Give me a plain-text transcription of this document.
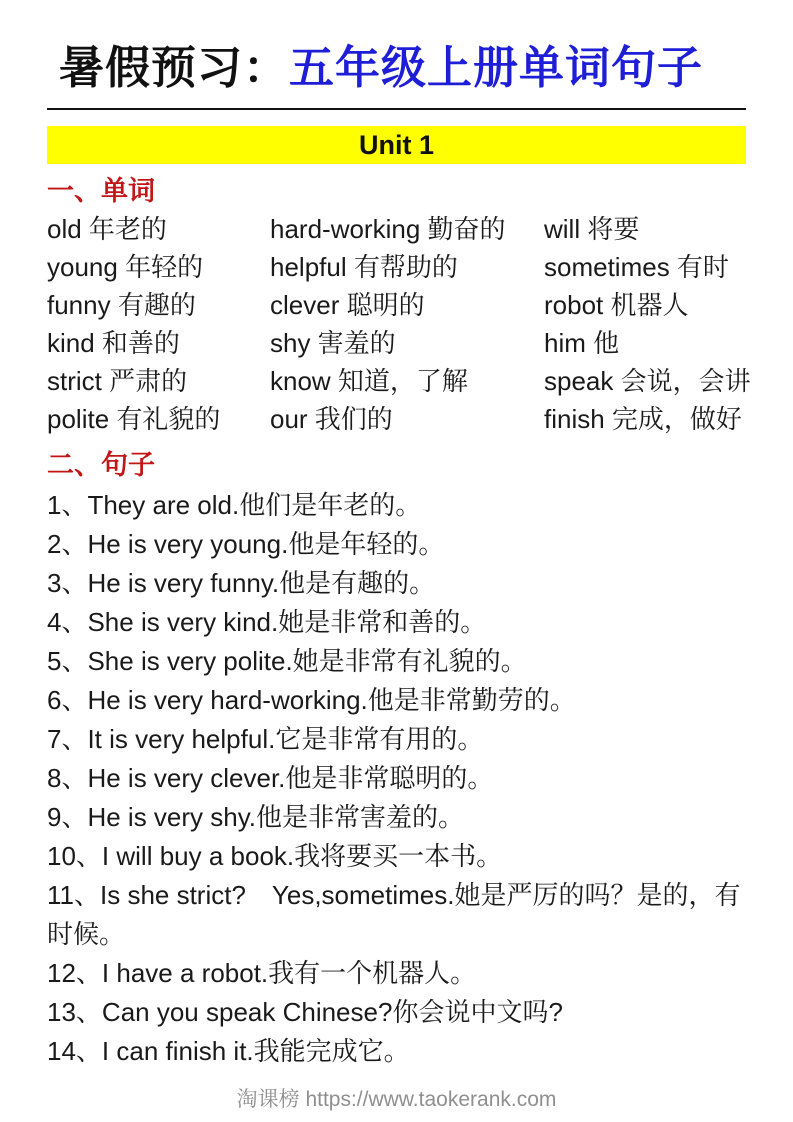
暑假预习：五年级上册单词句子
Unit 1
一、单词
old 年老的	hard-working 勤奋的	will 将要
young 年轻的	helpful 有帮助的	sometimes 有时
funny 有趣的	clever 聪明的	robot 机器人
kind 和善的	shy 害羞的	him 他
strict 严肃的	know 知道，了解	speak 会说，会讲
polite 有礼貌的	our 我们的	finish 完成，做好
二、句子
1、They are old.他们是年老的。
2、He is very young.他是年轻的。
3、He is very funny.他是有趣的。
4、She is very kind.她是非常和善的。
5、She is very polite.她是非常有礼貌的。
6、He is very hard-working.他是非常勤劳的。
7、It is very helpful.它是非常有用的。
8、He is very clever.他是非常聪明的。
9、He is very shy.他是非常害羞的。
10、I will buy a book.我将要买一本书。
11、Is she strict?　Yes,sometimes.她是严厉的吗？是的，有时候。
12、I have a robot.我有一个机器人。
13、Can you speak Chinese?你会说中文吗?
14、I can finish it.我能完成它。
淘课榜 https://www.taokerank.com
